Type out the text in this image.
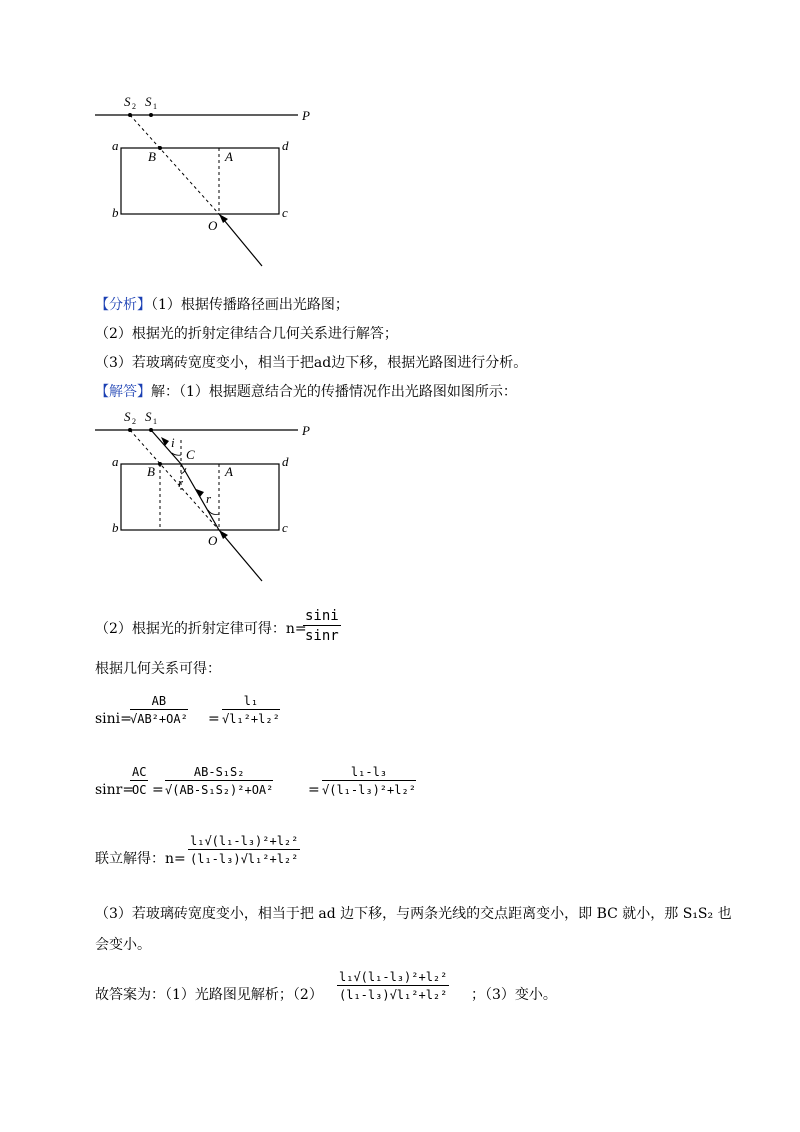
S 2 S 1
P
a
b	c
d
B	A
O
【分析】（1）根据传播路径画出光路图；
（2）根据光的折射定律结合几何关系进行解答；
（3）若玻璃砖宽度变小，相当于把ad边下移，根据光路图进行分析。
【解答】解：（1）根据题意结合光的传播情况作出光路图如图所示：
S 2 S 1
P
a
b	c
d
B	A
O
C
i
r
r
（2）根据光的折射定律可得：n=
$\frac{\sin i}{\sin r}$
根据几何关系可得：
sini=
$\frac{AB}{\text{√AB²+OA²}} = \frac{\text{l₁}}{\text{√l₁²+l₂²}}$
sinr=
$\frac{AC}{OC} = \frac{\text{AB-S₁S₂}}{\text{√(AB-S₁S₂)²+OA²}} = \frac{\text{l₁-l₃}}{\text{√(l₁-l₃)²+l₂²}}$
联立解得：$n= \frac{\text{l₁√(l₁-l₃)²+l₂²}}{\text{(l₁-l₃)√l₁²+l₂²}}$
（3）若玻璃砖宽度变小，相当于把 ad 边下移，与两条光线的交点距离变小，即 BC 就小，那 S₁S₂ 也
会变小。
故答案为：（1）光路图见解析；$(2) \frac{\text{l₁√(l₁-l₃)²+l₂²}}{\text{(l₁-l₃)√l₁²+l₂²}}$ ；（3）变小。
